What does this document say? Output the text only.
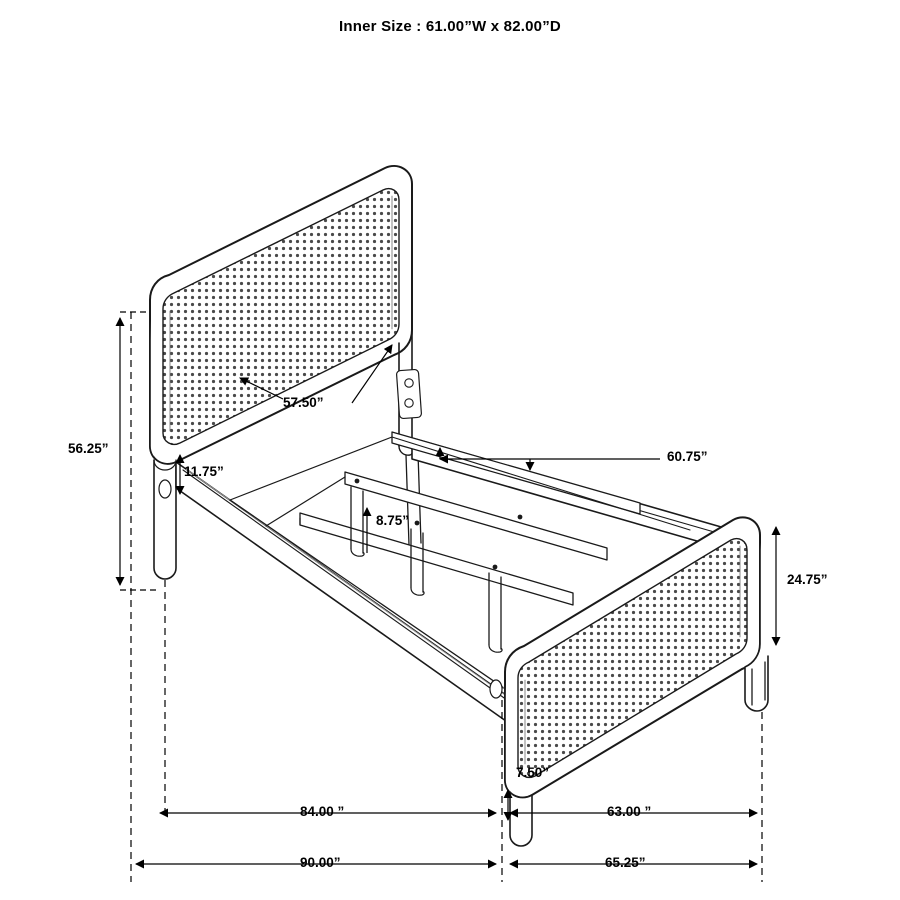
Inner Size : 61.00”W x 82.00”D
56.25”
57.50”
11.75”
60.75”
8.75”
24.75”
7.50”
84.00 ”	63.00 ”
90.00”	65.25”
